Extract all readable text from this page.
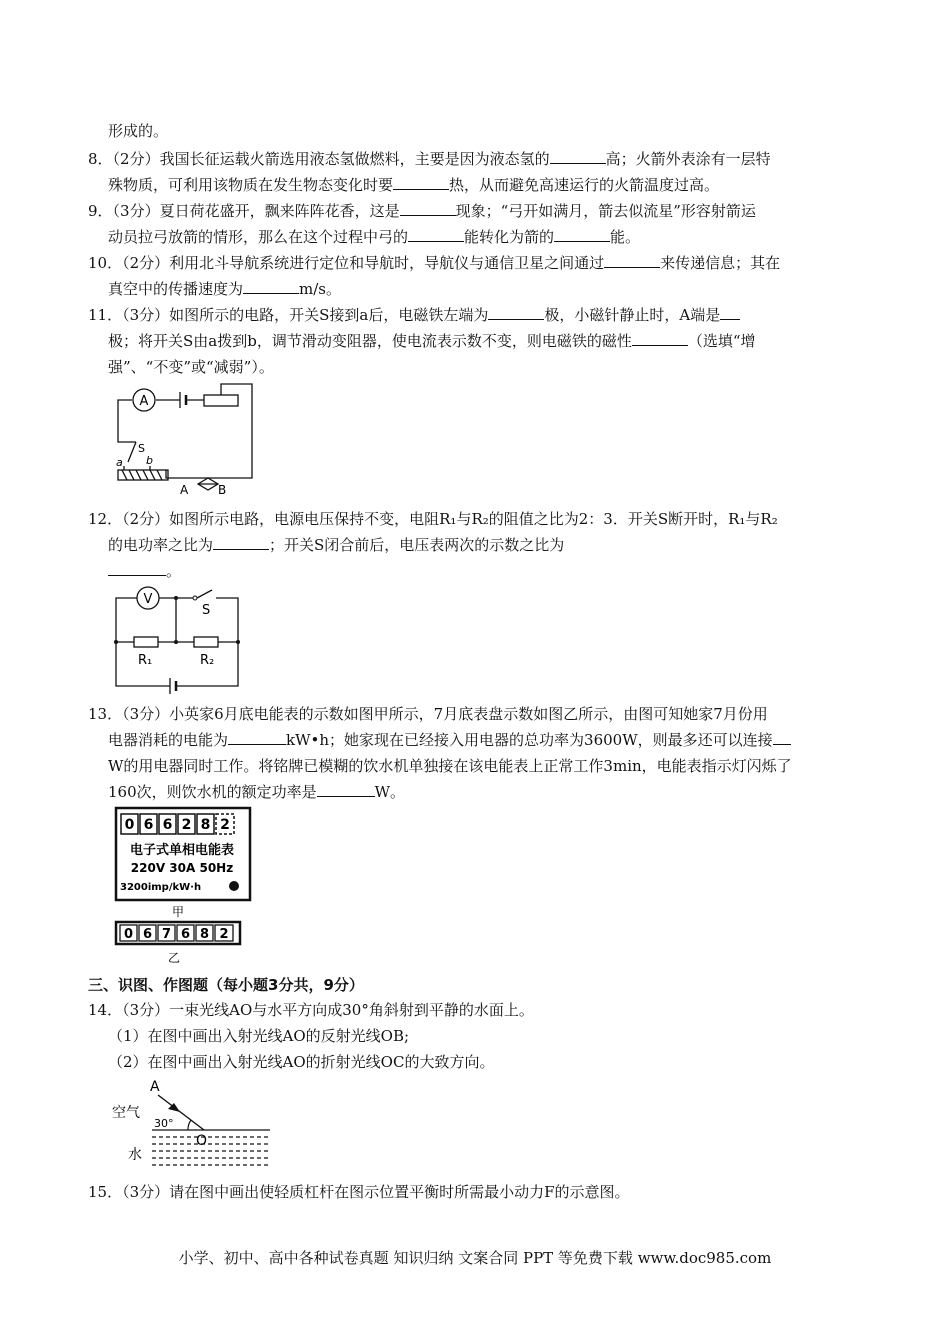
形成的。
8．（2分）我国长征运载火箭选用液态氢做燃料，主要是因为液态氢的	高；火箭外表涂有一层特
殊物质，可利用该物质在发生物态变化时要	热，从而避免高速运行的火箭温度过高。
9．（3分）夏日荷花盛开，飘来阵阵花香，这是	现象；“弓开如满月，箭去似流星”形容射箭运
动员拉弓放箭的情形，那么在这个过程中弓的	能转化为箭的	能。
10．（2分）利用北斗导航系统进行定位和导航时，导航仪与通信卫星之间通过	来传递信息；其在
真空中的传播速度为	m/s。
11．（3分）如图所示的电路，开关S接到a后，电磁铁左端为	极，小磁针静止时，A端是
极；将开关S由a拨到b，调节滑动变阻器，使电流表示数不变，则电磁铁的磁性	（选填“增
强”、“不变”或“减弱”）。
A
S
a b
A B
12．（2分）如图所示电路，电源电压保持不变，电阻R₁与R₂的阻值之比为2：3．开关S断开时，R₁与R₂
的电功率之比为	；开关S闭合前后，电压表两次的示数之比为
。
V
S
R₁	R₂
13．（3分）小英家6月底电能表的示数如图甲所示，7月底表盘示数如图乙所示，由图可知她家7月份用
电器消耗的电能为	kW•h；她家现在已经接入用电器的总功率为3600W，则最多还可以连接
W的用电器同时工作。将铭牌已模糊的饮水机单独接在该电能表上正常工作3min，电能表指示灯闪烁了
160次，则饮水机的额定功率是	W。
0 6 6 2 8 2
电子式单相电能表
220V 30A 50Hz
3200imp/kW·h
甲
0 6 7 6 8 2
乙
三、识图、作图题（每小题3分共，9分）
14．（3分）一束光线AO与水平方向成30°角斜射到平静的水面上。
（1）在图中画出入射光线AO的反射光线OB;
（2）在图中画出入射光线AO的折射光线OC的大致方向。
A
空气
30°
O
水
15．（3分）请在图中画出使轻质杠杆在图示位置平衡时所需最小动力F的示意图。
小学、初中、高中各种试卷真题 知识归纳 文案合同 PPT 等免费下载 www.doc985.com
